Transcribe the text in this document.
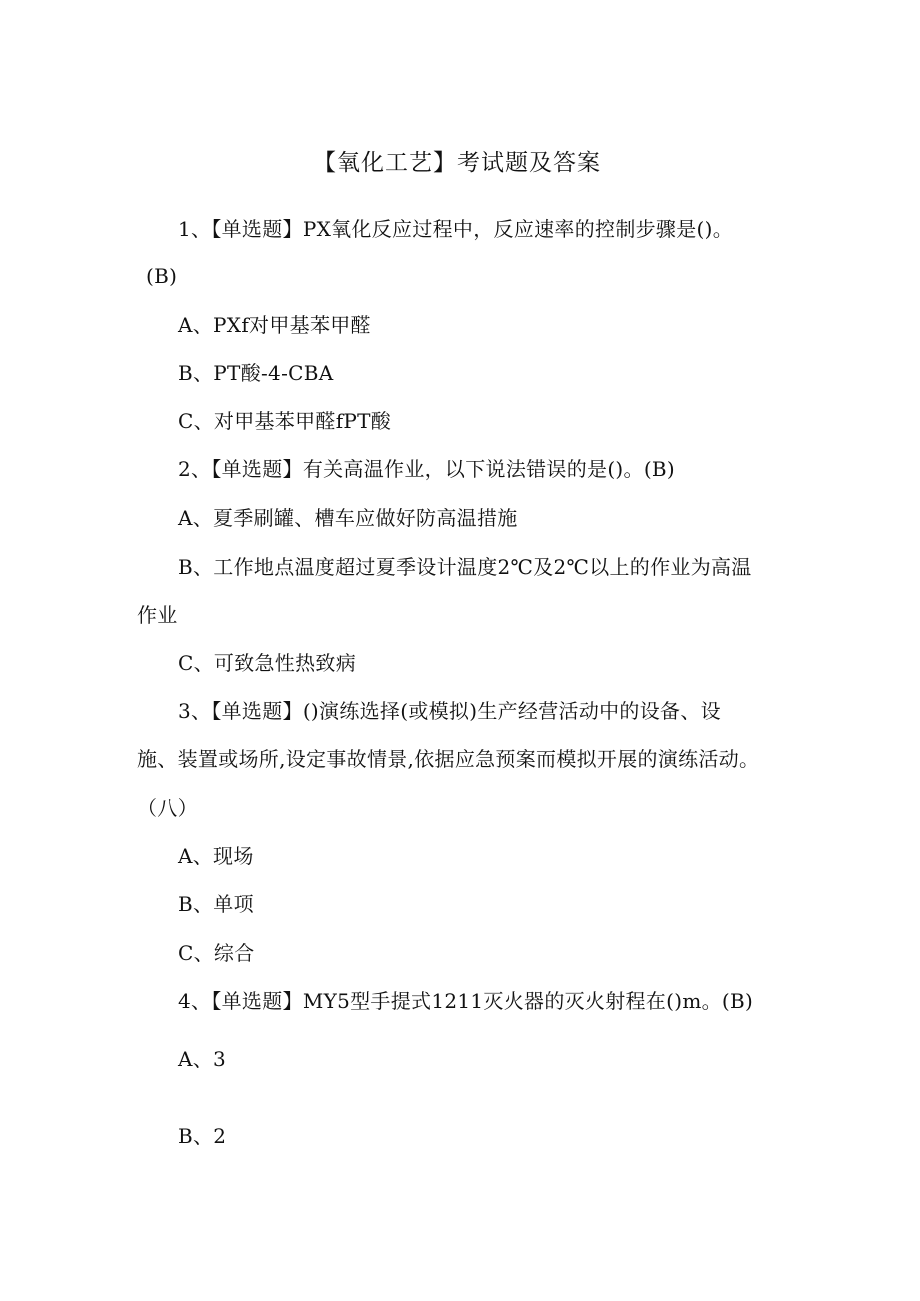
【氧化工艺】考试题及答案
1、【单选题】PX氧化反应过程中，反应速率的控制步骤是()。
(B)
A、PXf对甲基苯甲醛
B、PT酸-4-CBA
C、对甲基苯甲醛fPT酸
2、【单选题】有关高温作业，以下说法错误的是()。(B)
A、夏季刷罐、槽车应做好防高温措施
B、工作地点温度超过夏季设计温度2℃及2℃以上的作业为高温
作业
C、可致急性热致病
3、【单选题】()演练选择(或模拟)生产经营活动中的设备、设
施、装置或场所,设定事故情景,依据应急预案而模拟开展的演练活动。
（八）
A、现场
B、单项
C、综合
4、【单选题】MY5型手提式1211灭火器的灭火射程在()m。(B)
A、3
B、2
